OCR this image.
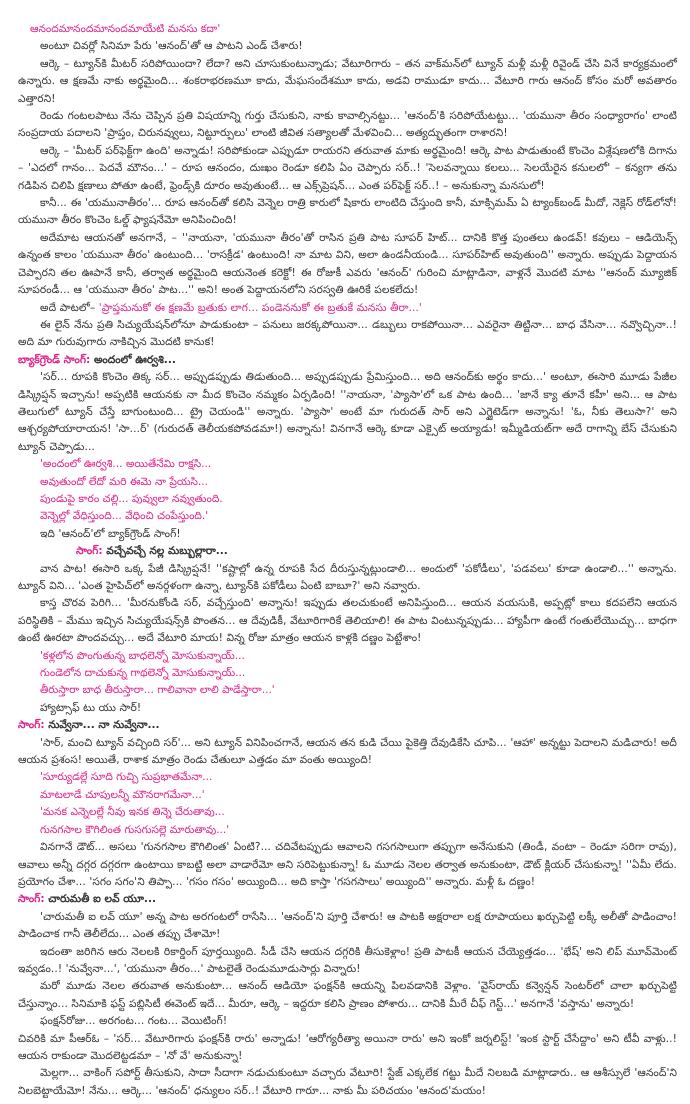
ఆనందమానందమానందమాయేటి మనసు కదా'

అంటూ చివర్లో సినిమా పేరు 'ఆనంద్'తో ఆ పాటని ఎండ్ చేశారు!

ఆర్కె – ట్యూన్‌కి మీటర్ సరిపోయిందా? లేదా? అని చూసుకుంటున్నాడు; వేటూరిగారు – తన వాక్‌మన్‌లో ట్యూన్ మళ్లీ మళ్లీ రివైండ్ చేసి వినే కార్యక్రమంలో ఉన్నారు. ఆ క్షణమే నాకు అర్థమైంది... శంకరాభరణమూ కాదు, మేఘసందేశమూ కాదు, అడవి రాముడూ కాదు... వేటూరి గారు ఆనంద్ కోసం మరో అవతారం ఎత్తారని!

రెండు గంటలపాటు నేను చెప్పిన ప్రతి విషయాన్ని గుర్తు చేసుకుని, నాకు కావాల్సినట్టు... 'ఆనంద్'కి సరిపోయేటట్టు... 'యమునా తీరం సంధ్యారాగం' లాంటి సంప్రదాయ పదాలని 'ప్రాప్తం, చిరునవ్వులు, నిట్టూర్పులు' లాంటి జీవిత సత్యాలతో మేళవించి... అత్యద్భుతంగా రాశారని!

ఆర్కె – 'మీటర్ పర్‌ఫెక్ట్‌గా ఉంది' అన్నాడు! సరిపోకుండా ఎప్పుడూ రాయరని తరువాత మాకు అర్థమైంది! ఆర్కె పాట పాడుతుంటే కొంచెం విశ్లేషణలోకి దిగాను – 'ఎదలో గానం... పెదవే మౌనం...' – రూప ఆనందం, దుఃఖం రెండూ కలిపి ఏం చెప్పారు సర్..! 'సెలవన్నాయి కలలు... సెలయేరైన కనులలో' – కన్యగా తను గడిపిన చిలిపి క్షణాలు పోతూ ఉంటే, ఫ్రెండ్స్‌కి దూరం అవుతుంటే... ఆ ఎక్స్‌ప్రెషన్... ఎంత పర్‌ఫెక్ట్ సర్..! – అనుకున్నా మనసులో!

కానీ... ఈ 'యమునాతీరం'... రూప ఆనంద్‌తో కలిసి వెన్నెల రాత్రి కారులో షికారు లాంటిది చేస్తుంది కానీ, మాక్సిమమ్ ఏ ట్యాంక్‌బండ్ మీదో, నెక్లెస్ రోడ్‌లోనో! యమునా తీరం కొంచెం ఓల్డ్ ఫ్యాషనేమో అనిపించింది!

అదేమాట ఆయనతో అనగానే, – ''నాయనా, 'యమునా తీరం'తో రాసిన ప్రతి పాట సూపర్ హిట్... దానికి కొత్త పుంతలు ఉండవ్! కవులు – ఆడియెన్స్ ఉన్నంత కాలం 'యమునా తీరం' ఉంటుంది... 'రాసక్రీడ' ఉంటుంది! నా మాట విని, అలా ఉండనీయండి... సూపర్‌హిట్ అవుతుంది'' అన్నారు. అప్పుడు పెద్దాయన చెప్పారని తల ఊపానే కానీ, తర్వాత అర్థమైంది ఆయనెంత కరెక్టో! ఈ రోజుకీ ఎవరు 'ఆనంద్' గురించి మాట్లాడినా, వాళ్లనే మొదటి మాట ''ఆనంద్ మ్యూజిక్ సూపరండీ... ఆ 'యమునా తీరం' పాట...'' అని! అంత పెద్దాయనలోని సరస్వతి ఊరికే పలకలేదు!

అదే పాటలో– 'ప్రాప్తమనుకో ఈ క్షణమే బ్రతుకు లాగ... పండెననుకో ఈ బ్రతుకే మనసు తీరా...'

ఈ లైన్ నేను ప్రతి సిచ్యుయేషన్‌లోనూ పాడుకుంటా – పనులు జరక్కపోయినా... డబ్బులు రాకపోయినా... ఎవరైనా తిట్టినా... బాధ వేసినా... నవ్వొచ్చినా..! అది మా గురువుగారు నాకిచ్చిన మొదటి కానుక!

బ్యాక్‌గ్రౌండ్ సాంగ్: అందంలో ఊర్వశి...

'సర్... రూపకి కొంచెం తిక్క సర్... అప్పుడప్పుడు తిడుతుంది... అప్పుడప్పుడు ప్రేమిస్తుంది... అది ఆనంద్‌కు అర్థం కాదు...' అంటూ, ఈసారి మూడు పేజీల డిస్క్రిప్షన్ ఇచ్చాను! అప్పటికి ఆయనకు నా మీద కొంచెం నమ్మకం ఏర్పడింది! ''నాయనా, 'ప్యాసా'లో ఒక పాట ఉంది... 'జానే క్యా తూనే కహీ' అని... ఆ పాట తెలుగులో ట్యూన్ చేస్తే బాగుంటుంది... ట్రై చెయండి'' అన్నారు. 'ప్యాసా' అంటే మా గురుదత్ సార్ అని ఎగ్జైటెడ్‌గా అన్నాను! 'ఓ, నీకు తెలుసా?' అని ఆశ్చర్యపోయారాయన! 'సా...ర్' (గురుదత్ తెలీయకపోవడమా!) అన్నాను! వినగానే ఆర్కె కూడా ఎక్సైట్ అయ్యాడు! ఇమ్మీడియట్‌గా అదే రాగాన్ని బేస్ చేసుకుని ట్యూన్ చెప్పాడు...

'అందంలో ఊర్వశి... అయితేనేమి రాక్షసి...

అవుతుందో లేదో మరి ఈమె నా ప్రేయసి...

పుండుపై కారం చల్లి... పువ్వులా నవ్వుతుంది.

వెన్నెల్లో వేధిస్తుంది... వేధించి చంపేస్తుంది.'

ఇది 'ఆనంద్'లో బ్యాక్‌గ్రౌండ్ సాంగ్!

సాంగ్: వచ్చేవచ్చే నల్ల మబ్బుల్లారా...

వాన పాట! ఈసారి ఒక్క పేజీ డిస్క్రిప్షనే! ''కష్టాల్లో ఉన్న రూపకి సేద దీరుస్తున్నట్లుండాలి... అందులో 'పకోడీలు', 'పడవలు' కూడా ఉండాలి...'' అన్నాను. ట్యూన్ విని... 'ఎంత హైపిచ్‌లో అనర్గళంగా ఉన్నా, ట్యూన్‌కి పకోడీలు ఏంటి బాబూ?' అని నవ్వారు.

కాస్త చొరవ పెరిగి... 'మీరనుకోండి సర్, వచ్చేస్తుంది' అన్నాను! ఇప్పుడు తలచుకుంటే అనిపిస్తుంది... ఆయన వయసుకి, అప్పట్లో కాలు కదపలేని ఆయన పరిస్థితికి – మేము ఇచ్చిన సిచ్యుయేషన్స్‌కి పొంతన... ఆ దేవుడికీ, వేటూరిగారికే తెలియాలి! ఈ పాట వింటున్నప్పుడు... హ్యాపీగా ఉంటే గంతులేయొచ్చు... బాధగా ఉంటే ఊరటా పొందవచ్చు... అదే వేటూరి మాయ! విన్న రోజు మాత్రం ఆయన కాళ్లకి దణ్ణం పెట్టేశాం!

'కళ్లలోన పొంగుతున్న బాధలెన్నో మోసుకున్నాయ్...

గుండెలోన దాచుకున్న గాథలెన్నో మోసుకున్నాయ్...

తీరుస్తారా బాధ తీరుస్తారా... గాలివానా లాలి పాడేస్తారా...'

హ్యాట్సాఫ్ టు యు సార్!

సాంగ్: నువ్వేనా... నా నువ్వేనా...

'సార్, మంచి ట్యూన్ వచ్చింది సర్'... అని ట్యూన్ వినిపించగానే, ఆయన తన కుడి చేయి పైకెత్తి దేవుడికేసి చూపి... 'ఆహా' అన్నట్టు పెదాలని మడిచారు! అదీ ఆయన ప్రశంస! అయితే, రాశాక మాత్రం రెండు చేతులూ ఎత్తడం మా వంతు అయ్యింది!

'సూర్యుడల్లే సూది గుచ్చి సుప్రభాతమేనా...

మాటలాడే చూపులన్నీ మౌనరాగమేనా...'

'మనక ఎన్నెలల్లే నీవు ఇనక తిన్నె చేరుతావు...

గునగసాల కౌగిలింత గుసగుసల్లె మారుతావు...'

వినగానే డౌట్... అసలు 'గునగసాల కౌగిలింత' ఏంటి?... చదివేటప్పుడు ఆవాలని గసగసాలుగా తప్పుగా అనేసుకుని (తిండీ, వంటా – రెండూ సరిగా రావు), ఆవాలు అన్నీ దగ్గర దగ్గరగా ఉంటాయి కాబట్టి అలా వాడారేమో అని సరిపెట్టుకున్నా! ఓ మూడు నెలల తర్వాత అనుకుంటా, డౌట్ క్లియర్ చేసుకున్నా! ''ఏమీ లేదు. ప్రయోగం చేశా... 'సగం సగం'ని తిప్పా... 'గసం గసం' అయ్యింది... అది కాస్తా 'గసగసాలు' అయ్యింది'' అన్నారు. మళ్లీ ఓ దణ్ణం!

సాంగ్: చారుమతీ ఐ లవ్ యూ...

'చారుమతీ ఐ లవ్ యూ' అన్న పాట అరగంటలో రాసేసి... 'ఆనంద్'ని పూర్తి చేశారు! ఆ పాటకి అక్షరాలా లక్ష రూపాయలు ఖర్చుపెట్టి లక్కీ అలీతో పాడించాం! పాడించాక గానీ తెలీలేదు... ఎంత తప్పు చేశామో!

ఇదంతా జరిగిన ఆరు నెలలకి రికార్డింగ్ పూర్తయ్యింది. సీడీ చేసి ఆయన దగ్గరికి తీసుకెళ్లాం! ప్రతి పాటకీ ఆయన చేయ్యెత్తడం... 'భేష్' అని లిప్ మూవ్‌మెంట్ ఇవ్వడం..! 'నువ్వేనా...', 'యమునా తీరం...' పాటలైతే రెండుమూడుసార్లు విన్నారు!

మరో మూడు నెలల తరువాత అనుకుంటా... ఆనంద్ ఆడియో ఫంక్షన్‌కి ఆయన్ని పిలవడానికి వెళ్లాం. 'వైస్‌రాయ్ కన్వెన్షన్ సెంటర్‌లో చాలా ఖర్చుపెట్టి చేస్తున్నాం... సినిమాకి ఫస్ట్ పబ్లిసిటీ ఈవెంట్ ఇదే... మీరూ, ఆర్కె – ఇద్దరూ కలిసి ప్రాణం పోశారు... దానికి మీరే చీఫ్ గెస్ట్...' అనగానే 'వస్తాను' అన్నారు!

ఫంక్షన్‌రోజు... అరగంట... గంట... వెయిటింగ్!

చివరికి మా పీఆర్‌ఓ – 'సర్... వేటూరిగారు ఫంక్షన్‌కి రారు' అన్నాడు! 'ఆరోగ్యరీత్యా అయినా రారు' అని ఇంకో జర్నలిస్ట్! 'ఇంక స్టార్ట్ చేసేద్దాం' అని టీవీ వాళ్లు..! ఆయన రాకుండా మొదలెట్టడమా – 'నో వే' అనుకున్నా!

మెల్లగా... వాకింగ్ సపోర్ట్ తీసుకుని, సాదా సీదాగా నడుచుకుంటూ వచ్చారు వేటూరి! స్టేజ్ ఎక్కలేక గట్టు మీదే నిలబడి మాట్లాడారు.. ఆ ఆశీస్సులే 'ఆనంద్'ని నిలబెట్టాయేమో! నేను... ఆర్కె... 'ఆనంద్' ధన్యులం సర్..! వేటూరి గారూ... నాకు మీ పరిచయం 'ఆనంద'మయం!
